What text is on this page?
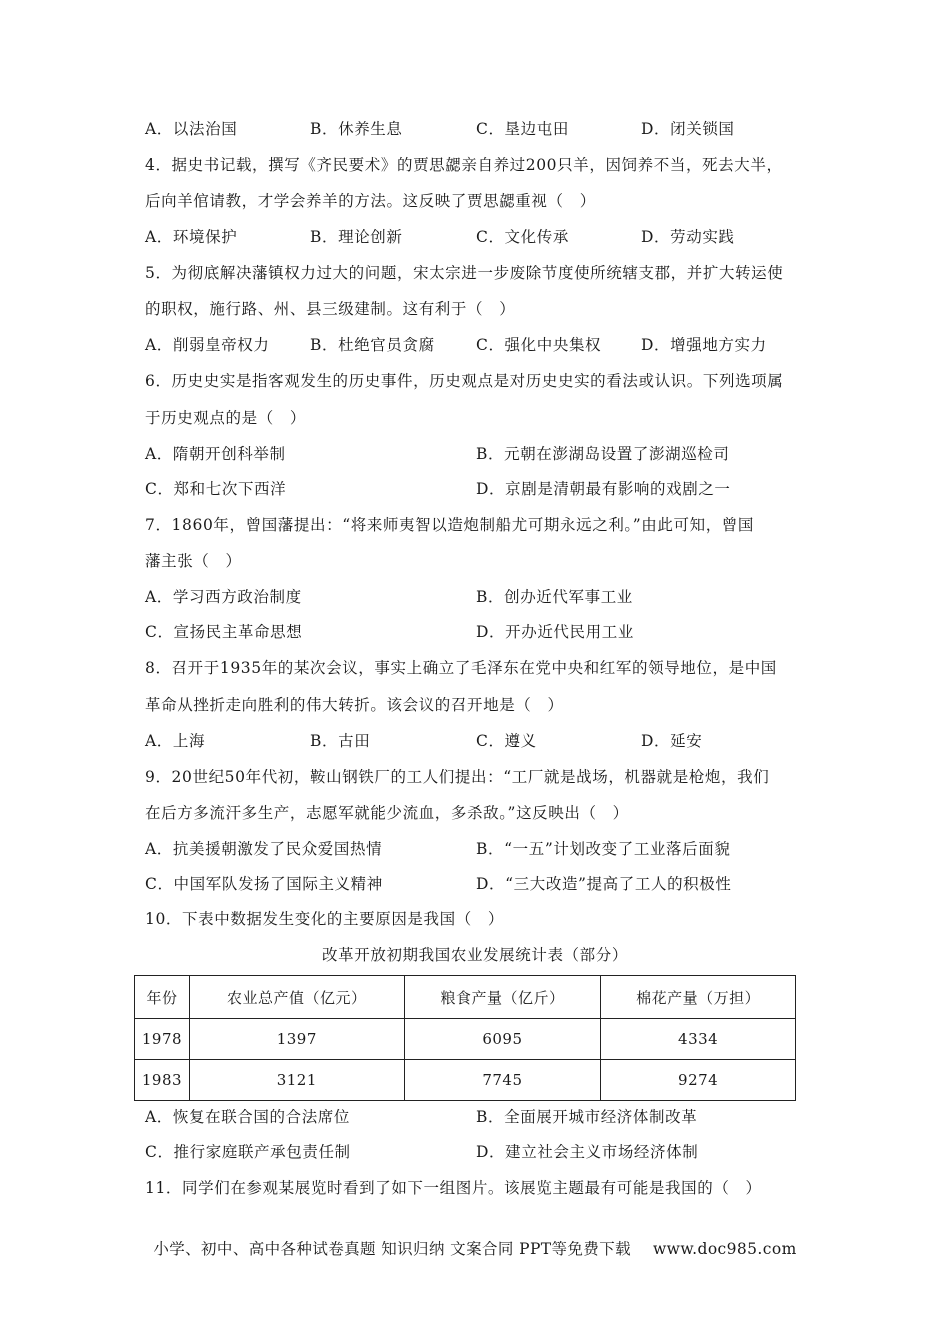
A．以法治国	B．休养生息	C．垦边屯田	D．闭关锁国
4．据史书记载，撰写《齐民要术》的贾思勰亲自养过200只羊，因饲养不当，死去大半，
后向羊倌请教，才学会养羊的方法。这反映了贾思勰重视（　）
A．环境保护	B．理论创新	C．文化传承	D．劳动实践
5．为彻底解决藩镇权力过大的问题，宋太宗进一步废除节度使所统辖支郡，并扩大转运使
的职权，施行路、州、县三级建制。这有利于（　）
A．削弱皇帝权力	B．杜绝官员贪腐	C．强化中央集权	D．增强地方实力
6．历史史实是指客观发生的历史事件，历史观点是对历史史实的看法或认识。下列选项属
于历史观点的是（　）
A．隋朝开创科举制	B．元朝在澎湖岛设置了澎湖巡检司
C．郑和七次下西洋	D．京剧是清朝最有影响的戏剧之一
7．1860年，曾国藩提出：“将来师夷智以造炮制船尤可期永远之利。”由此可知，曾国
藩主张（　）
A．学习西方政治制度	B．创办近代军事工业
C．宣扬民主革命思想	D．开办近代民用工业
8．召开于1935年的某次会议，事实上确立了毛泽东在党中央和红军的领导地位，是中国
革命从挫折走向胜利的伟大转折。该会议的召开地是（　）
A．上海	B．古田	C．遵义	D．延安
9．20世纪50年代初，鞍山钢铁厂的工人们提出：“工厂就是战场，机器就是枪炮，我们
在后方多流汗多生产，志愿军就能少流血，多杀敌。”这反映出（　）
A．抗美援朝激发了民众爱国热情	B．“一五”计划改变了工业落后面貌
C．中国军队发扬了国际主义精神	D．“三大改造”提高了工人的积极性
10．下表中数据发生变化的主要原因是我国（　）
改革开放初期我国农业发展统计表（部分）
年份	农业总产值（亿元）	粮食产量（亿斤）	棉花产量（万担）
1978	1397	6095	4334
1983	3121	7745	9274
A．恢复在联合国的合法席位	B．全面展开城市经济体制改革
C．推行家庭联产承包责任制	D．建立社会主义市场经济体制
11．同学们在参观某展览时看到了如下一组图片。该展览主题最有可能是我国的（　）
小学、初中、高中各种试卷真题 知识归纳 文案合同 PPT等免费下载 www.doc985.com
